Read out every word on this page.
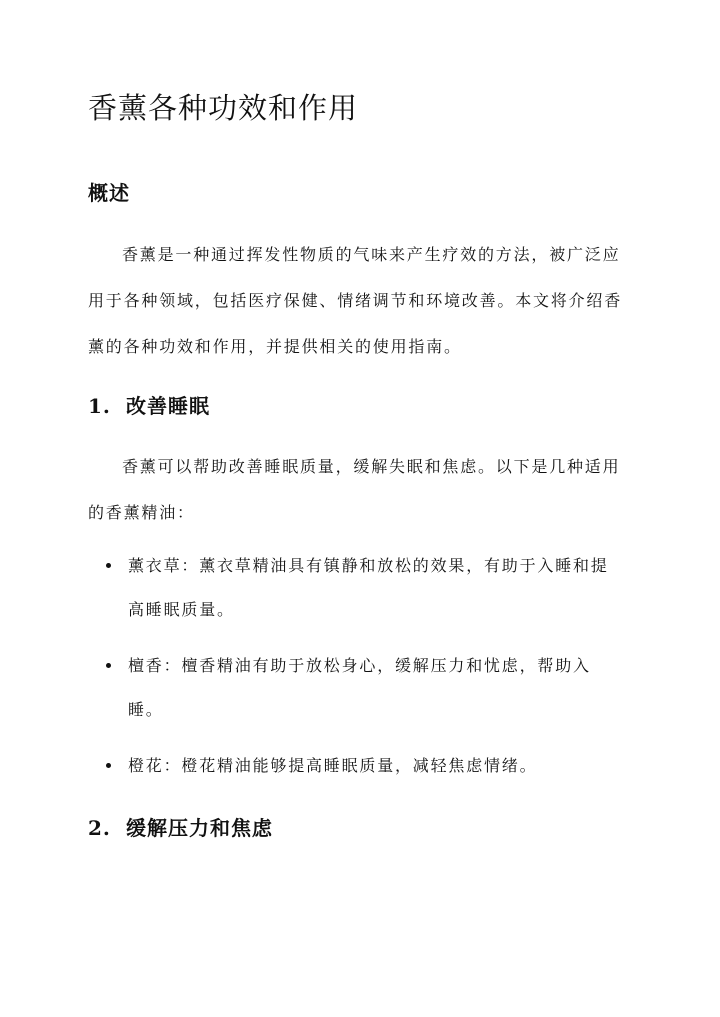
香薰各种功效和作用
概述

香薰是一种通过挥发性物质的气味来产生疗效的方法，被广泛应用于各种领域，包括医疗保健、情绪调节和环境改善。本文将介绍香薰的各种功效和作用，并提供相关的使用指南。

1. 改善睡眠

香薰可以帮助改善睡眠质量，缓解失眠和焦虑。以下是几种适用的香薰精油：

薰衣草：薰衣草精油具有镇静和放松的效果，有助于入睡和提高睡眠质量。
檀香：檀香精油有助于放松身心，缓解压力和忧虑，帮助入睡。
橙花：橙花精油能够提高睡眠质量，减轻焦虑情绪。
2. 缓解压力和焦虑
